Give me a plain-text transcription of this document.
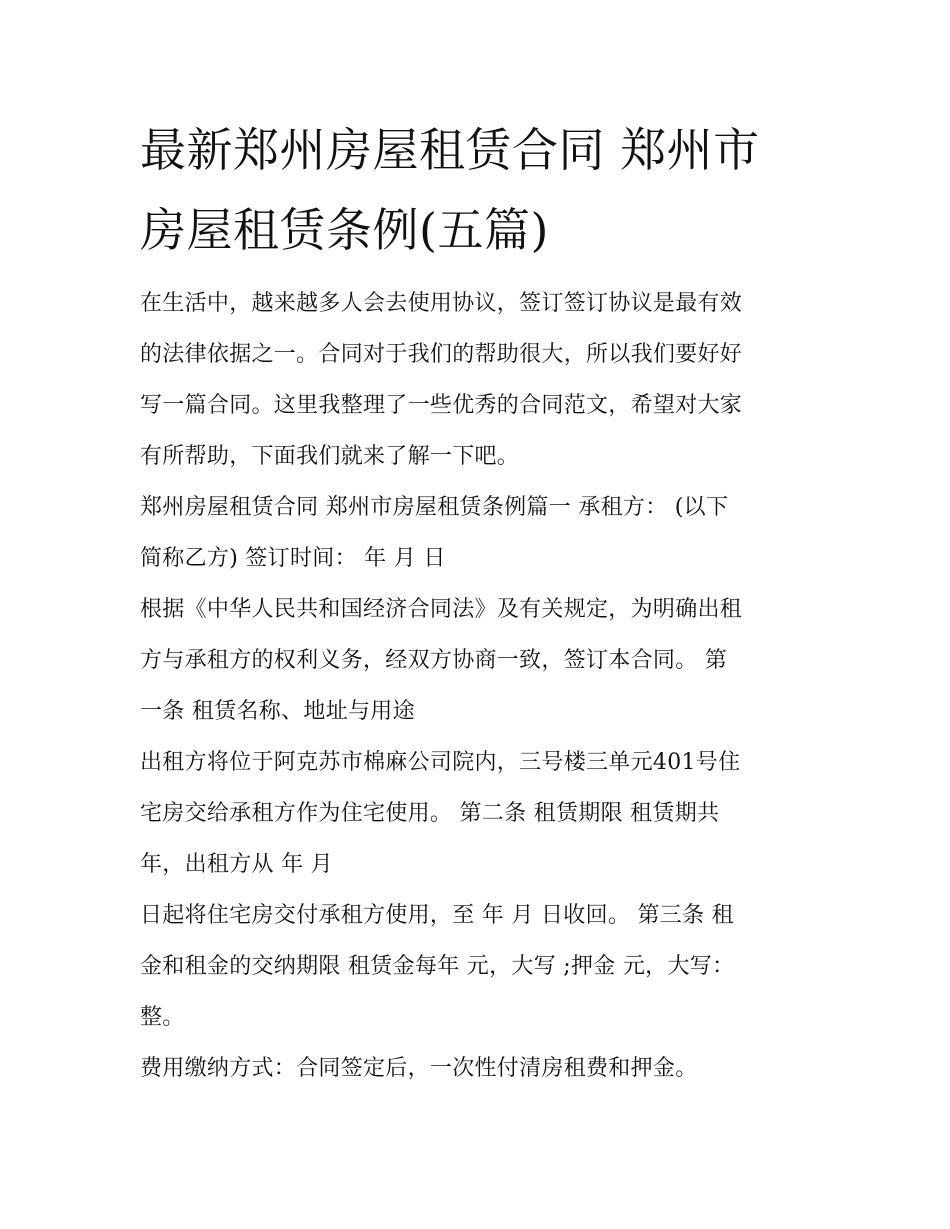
最新郑州房屋租赁合同 郑州市
房屋租赁条例(五篇)
在生活中，越来越多人会去使用协议，签订签订协议是最有效
的法律依据之一。合同对于我们的帮助很大，所以我们要好好
写一篇合同。这里我整理了一些优秀的合同范文，希望对大家
有所帮助，下面我们就来了解一下吧。
郑州房屋租赁合同 郑州市房屋租赁条例篇一 承租方： (以下
简称乙方) 签订时间： 年 月 日
根据《中华人民共和国经济合同法》及有关规定，为明确出租
方与承租方的权利义务，经双方协商一致，签订本合同。 第
一条 租赁名称、地址与用途
出租方将位于阿克苏市棉麻公司院内，三号楼三单元401号住
宅房交给承租方作为住宅使用。 第二条 租赁期限 租赁期共
年，出租方从 年 月
日起将住宅房交付承租方使用，至 年 月 日收回。 第三条 租
金和租金的交纳期限 租赁金每年 元，大写 ;押金 元，大写：
整。
费用缴纳方式：合同签定后，一次性付清房租费和押金。
